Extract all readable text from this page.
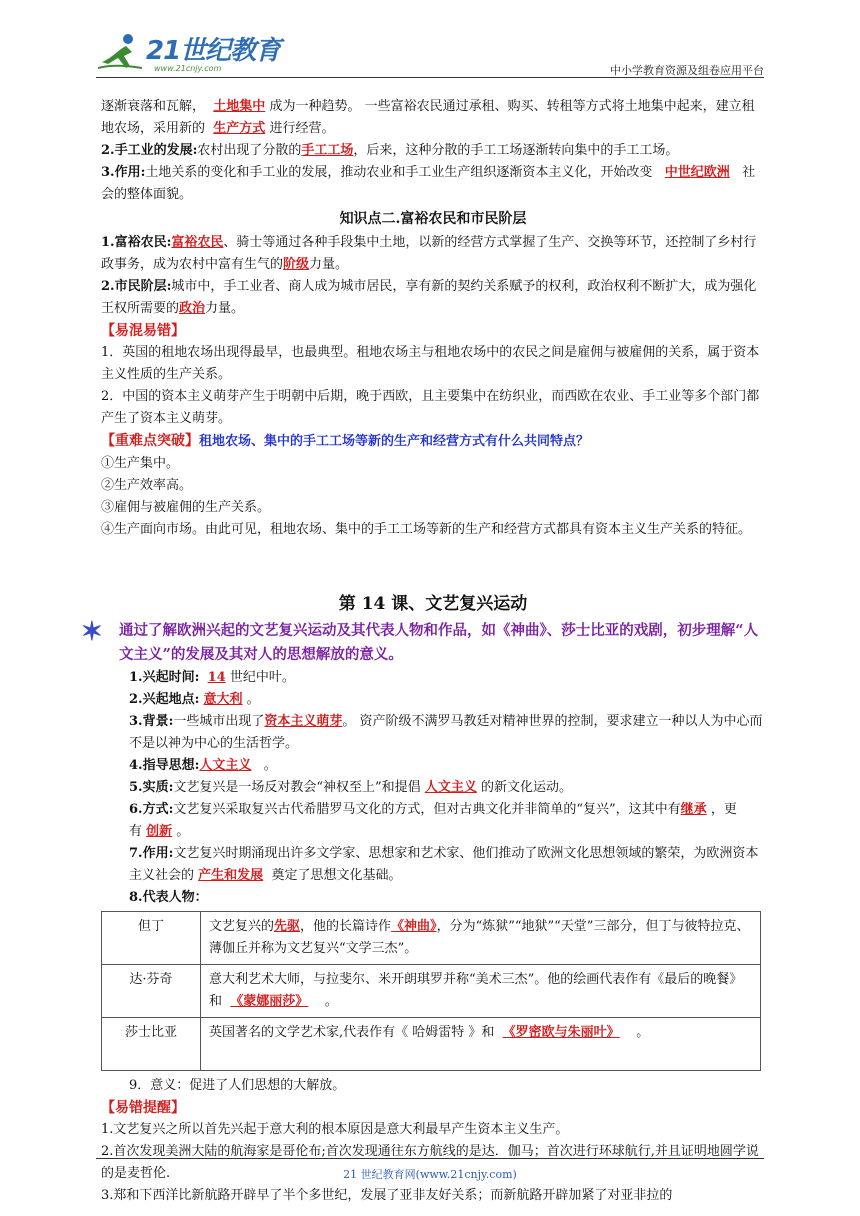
21世纪教育
www.21cnjy.com	中小学教育资源及组卷应用平台

逐渐衰落和瓦解， 土地集中 成为一种趋势。 一些富裕农民通过承租、购买、转租等方式将土地集中起来，建立租地农场，采用新的 生产方式 进行经营。

2.手工业的发展:农村出现了分散的手工工场，后来，这种分散的手工工场逐渐转向集中的手工工场。

3.作用:土地关系的变化和手工业的发展，推动农业和手工业生产组织逐渐资本主义化，开始改变 中世纪欧洲 社会的整体面貌。

知识点二.富裕农民和市民阶层

1.富裕农民:富裕农民、骑士等通过各种手段集中土地，以新的经营方式掌握了生产、交换等环节，还控制了乡村行政事务，成为农村中富有生气的阶级力量。

2.市民阶层:城市中，手工业者、商人成为城市居民，享有新的契约关系赋予的权利，政治权利不断扩大，成为强化王权所需要的政治力量。

【易混易错】

1．英国的租地农场出现得最早，也最典型。租地农场主与租地农场中的农民之间是雇佣与被雇佣的关系，属于资本主义性质的生产关系。

2．中国的资本主义萌芽产生于明朝中后期，晚于西欧，且主要集中在纺织业，而西欧在农业、手工业等多个部门都产生了资本主义萌芽。

【重难点突破】租地农场、集中的手工工场等新的生产和经营方式有什么共同特点？

①生产集中。

②生产效率高。

③雇佣与被雇佣的生产关系。

④生产面向市场。由此可见，租地农场、集中的手工工场等新的生产和经营方式都具有资本主义生产关系的特征。

第 14 课、文艺复兴运动
✶ 通过了解欧洲兴起的文艺复兴运动及其代表人物和作品，如《神曲》、莎士比亚的戏剧，初步理解“人文主义”的发展及其对人的思想解放的意义。

1.兴起时间: 14 世纪中叶。

2.兴起地点: 意大利 。

3.背景:一些城市出现了资本主义萌芽。 资产阶级不满罗马教廷对精神世界的控制，要求建立一种以人为中心而不是以神为中心的生活哲学。

4.指导思想:人文主义 。

5.实质:文艺复兴是一场反对教会“神权至上”和提倡 人文主义 的新文化运动。

6.方式:文艺复兴采取复兴古代希腊罗马文化的方式，但对古典文化并非简单的“复兴”，这其中有继承 ，更有 创新 。

7.作用:文艺复兴时期涌现出许多文学家、思想家和艺术家、他们推动了欧洲文化思想领域的繁荣，为欧洲资本主义社会的 产生和发展 奠定了思想文化基础。

8.代表人物：

但丁	文艺复兴的先驱，他的长篇诗作《神曲》，分为“炼狱”“地狱”“天堂”三部分，但丁与彼特拉克、薄伽丘并称为文艺复兴“文学三杰”。
达·芬奇	意大利艺术大师，与拉斐尔、米开朗琪罗并称“美术三杰”。他的绘画代表作有《最后的晚餐》和 《蒙娜丽莎》 。
莎士比亚	英国著名的文学艺术家,代表作有《 哈姆雷特 》和 《罗密欧与朱丽叶》 。

9．意义：促进了人们思想的大解放。

【易错提醒】

1.文艺复兴之所以首先兴起于意大利的根本原因是意大利最早产生资本主义生产。

2.首次发现美洲大陆的航海家是哥伦布;首次发现通往东方航线的是达．伽马；首次进行环球航行,并且证明地圆学说的是麦哲伦.

3.郑和下西洋比新航路开辟早了半个多世纪，发展了亚非友好关系；而新航路开辟加紧了对亚非拉的

21 世纪教育网(www.21cnjy.com)
